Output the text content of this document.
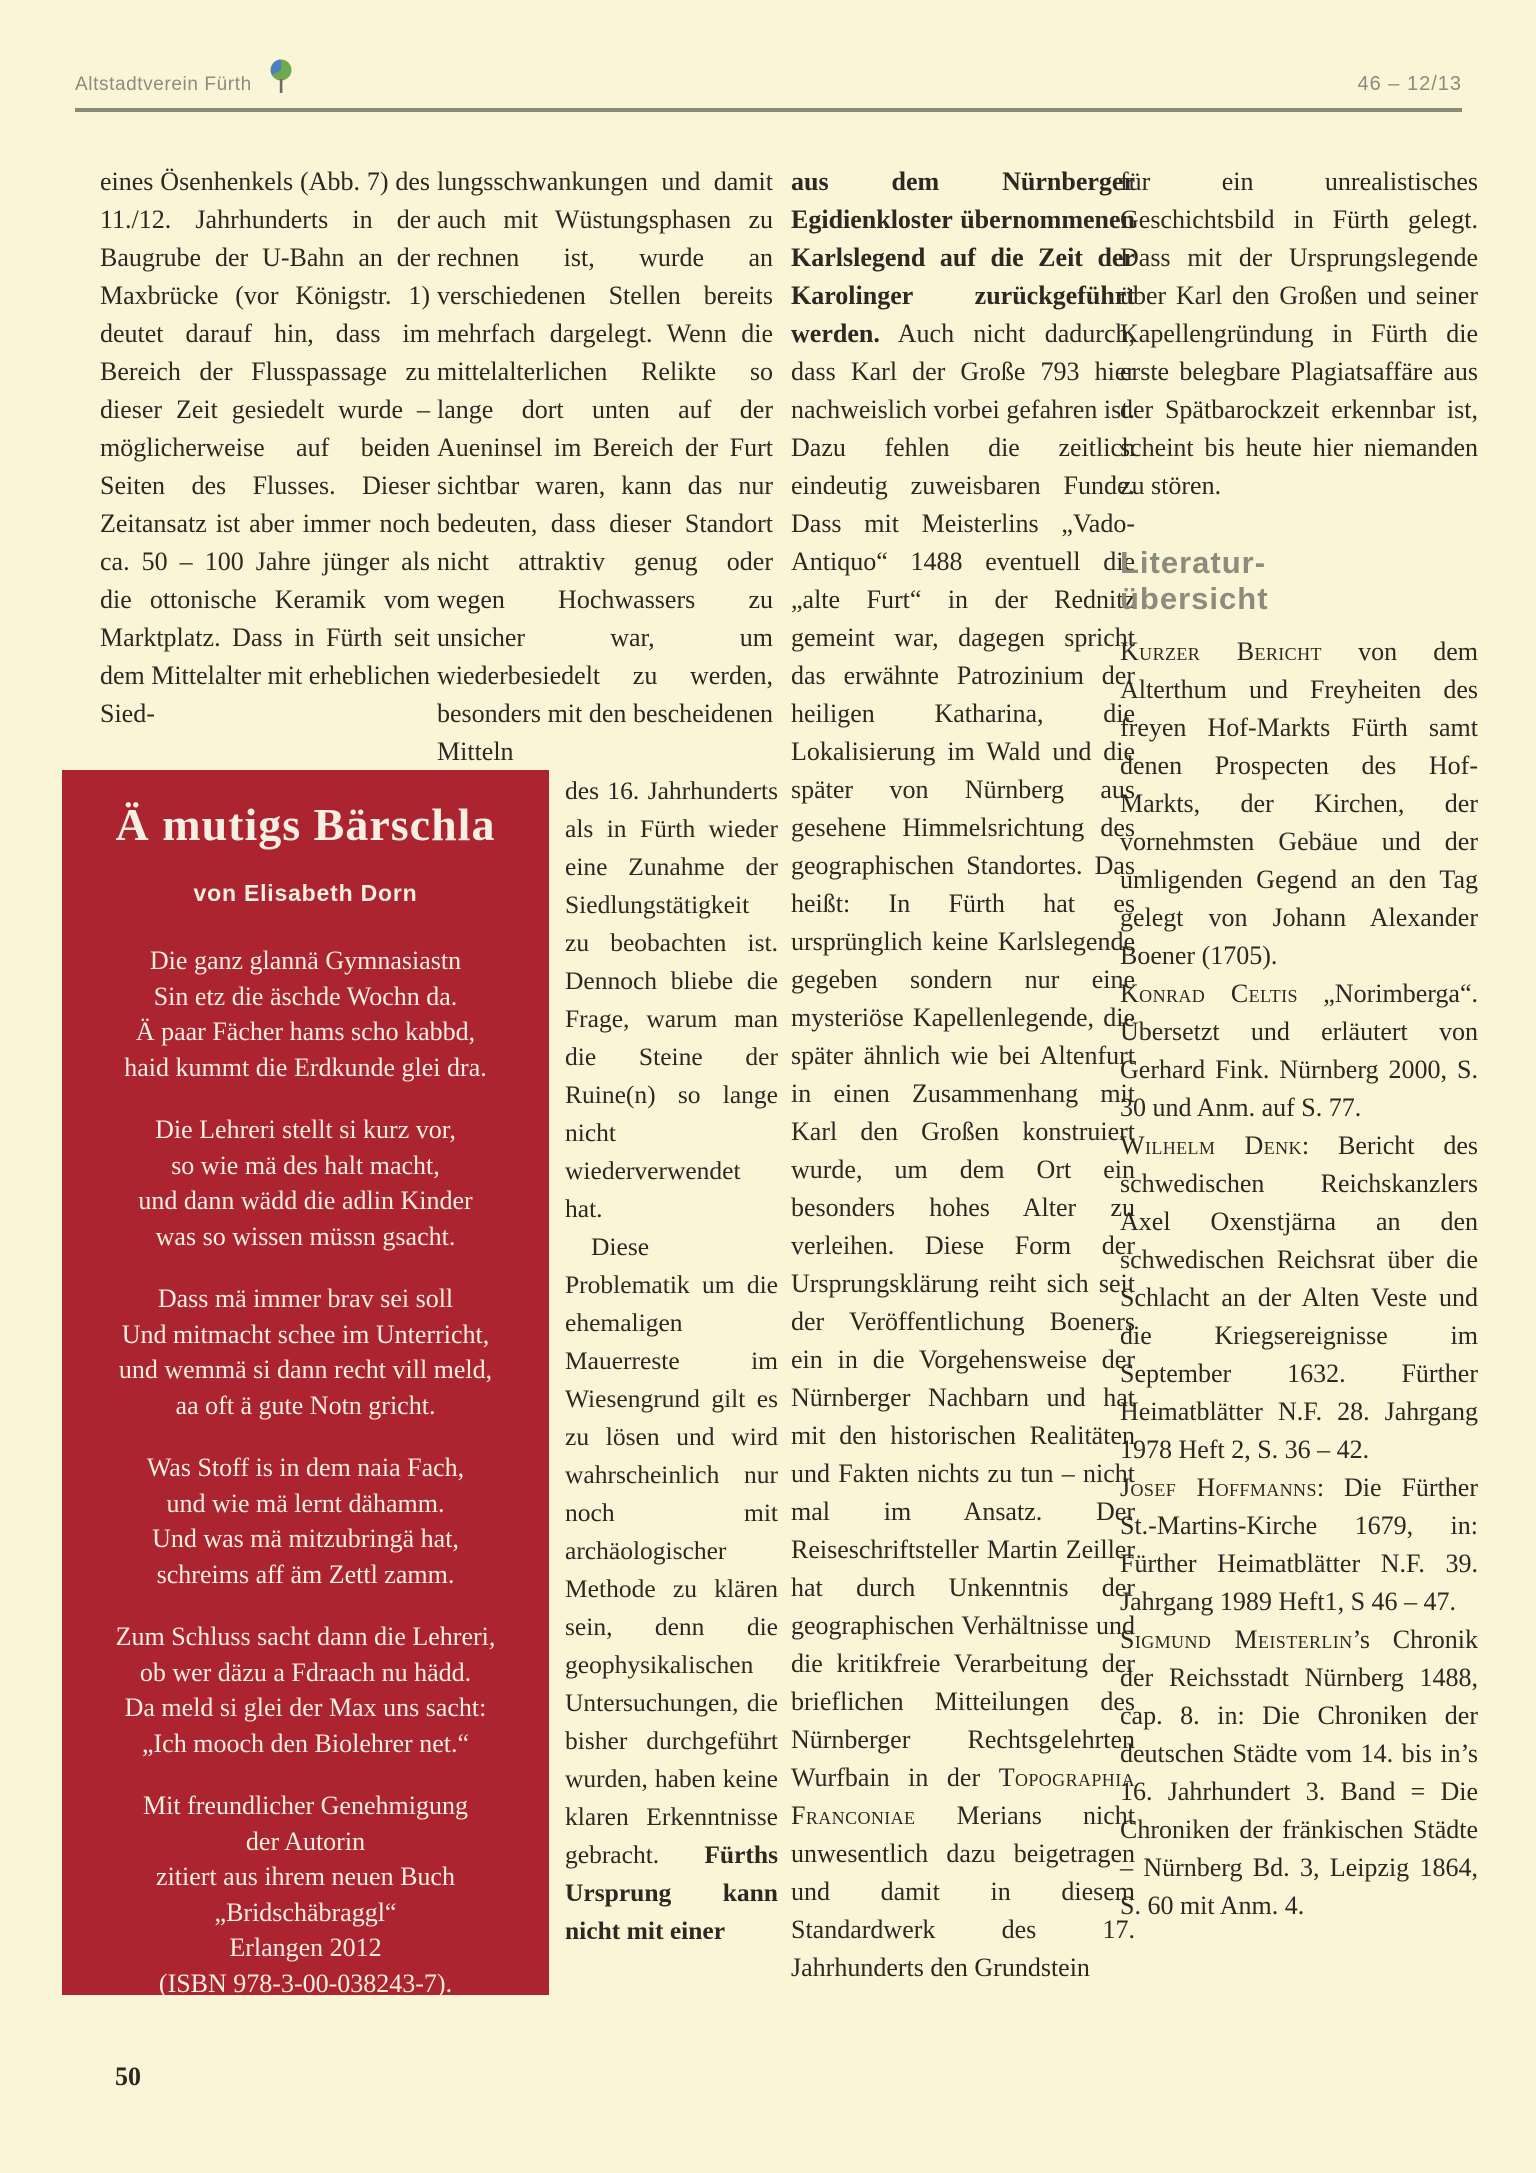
Altstadtverein Fürth	46 – 12/13

eines Ösenhenkels (Abb. 7) des 11./12. Jahrhunderts in der Baugrube der U-Bahn an der Maxbrücke (vor Königstr. 1) deutet darauf hin, dass im Bereich der Flusspassage zu dieser Zeit gesiedelt wurde – möglicherweise auf beiden Seiten des Flusses. Dieser Zeitansatz ist aber immer noch ca. 50 – 100 Jahre jünger als die ottonische Keramik vom Marktplatz. Dass in Fürth seit dem Mittelalter mit erheblichen Sied-

lungsschwankungen und damit auch mit Wüstungsphasen zu rechnen ist, wurde an verschiedenen Stellen bereits mehrfach dargelegt. Wenn die mittelalterlichen Relikte so lange dort unten auf der Aueninsel im Bereich der Furt sichtbar waren, kann das nur bedeuten, dass dieser Standort nicht attraktiv genug oder wegen Hochwassers zu unsicher war, um wiederbesiedelt zu werden, besonders mit den bescheidenen Mitteln

des 16. Jahrhunderts als in Fürth wieder eine Zunahme der Siedlungstätigkeit zu beobachten ist. Dennoch bliebe die Frage, warum man die Steine der Ruine(n) so lange nicht wiederverwendet hat.

Diese Problematik um die ehemaligen Mauerreste im Wiesengrund gilt es zu lösen und wird wahrscheinlich nur noch mit archäologischer Methode zu klären sein, denn die geophysikalischen Untersuchungen, die bisher durchgeführt wurden, haben keine klaren Erkenntnisse gebracht. Fürths Ursprung kann nicht mit einer

aus dem Nürnberger Egidienkloster übernommenen Karlslegend auf die Zeit der Karolinger zurückgeführt werden. Auch nicht dadurch, dass Karl der Große 793 hier nachweislich vorbei gefahren ist. Dazu fehlen die zeitlich eindeutig zuweisbaren Funde. Dass mit Meisterlins „Vado-Antiquo“ 1488 eventuell die „alte Furt“ in der Rednitz gemeint war, dagegen spricht das erwähnte Patrozinium der heiligen Katharina, die Lokalisierung im Wald und die später von Nürnberg aus gesehene Himmelsrichtung des geographischen Standortes. Das heißt: In Fürth hat es ursprünglich keine Karlslegende gegeben sondern nur eine mysteriöse Kapellenlegende, die später ähnlich wie bei Altenfurt in einen Zusammenhang mit Karl den Großen konstruiert wurde, um dem Ort ein besonders hohes Alter zu verleihen. Diese Form der Ursprungsklärung reiht sich seit der Veröffentlichung Boeners ein in die Vorgehensweise der Nürnberger Nachbarn und hat mit den historischen Realitäten und Fakten nichts zu tun – nicht mal im Ansatz. Der Reiseschriftsteller Martin Zeiller hat durch Unkenntnis der geographischen Verhältnisse und die kritikfreie Verarbeitung der brieflichen Mitteilungen des Nürnberger Rechtsgelehrten Wurfbain in der Topographia Franconiae Merians nicht unwesentlich dazu beigetragen und damit in diesem Standardwerk des 17. Jahrhunderts den Grundstein

für ein unrealistisches Geschichtsbild in Fürth gelegt. Dass mit der Ursprungslegende über Karl den Großen und seiner Kapellengründung in Fürth die erste belegbare Plagiatsaffäre aus der Spätbarockzeit erkennbar ist, scheint bis heute hier niemanden zu stören.

Literatur-
übersicht

Kurzer Bericht von dem Alterthum und Freyheiten des freyen Hof-Markts Fürth samt denen Prospecten des Hof-Markts, der Kirchen, der vornehmsten Gebäue und der umligenden Gegend an den Tag gelegt von Johann Alexander Boener (1705).

Konrad Celtis „Norimberga“. Übersetzt und erläutert von Gerhard Fink. Nürnberg 2000, S. 30 und Anm. auf S. 77.

Wilhelm Denk: Bericht des schwedischen Reichskanzlers Axel Oxenstjärna an den schwedischen Reichsrat über die Schlacht an der Alten Veste und die Kriegsereignisse im September 1632. Fürther Heimatblätter N.F. 28. Jahrgang 1978 Heft 2, S. 36 – 42.

Josef Hoffmanns: Die Fürther St.-Martins-Kirche 1679, in: Fürther Heimatblätter N.F. 39. Jahrgang 1989 Heft1, S 46 – 47.

Sigmund Meisterlin’s Chronik der Reichsstadt Nürnberg 1488, cap. 8. in: Die Chroniken der deutschen Städte vom 14. bis in’s 16. Jahrhundert 3. Band = Die Chroniken der fränkischen Städte – Nürnberg Bd. 3, Leipzig 1864, S. 60 mit Anm. 4.

Ä mutigs Bärschla
von Elisabeth Dorn
Die ganz glannä Gymnasiastn
Sin etz die äschde Wochn da.
Ä paar Fächer hams scho kabbd,
haid kummt die Erdkunde glei dra.
Die Lehreri stellt si kurz vor,
so wie mä des halt macht,
und dann wädd die adlin Kinder
was so wissen müssn gsacht.
Dass mä immer brav sei soll
Und mitmacht schee im Unterricht,
und wemmä si dann recht vill meld,
aa oft ä gute Notn gricht.
Was Stoff is in dem naia Fach,
und wie mä lernt dähamm.
Und was mä mitzubringä hat,
schreims aff äm Zettl zamm.
Zum Schluss sacht dann die Lehreri,
ob wer däzu a Fdraach nu hädd.
Da meld si glei der Max uns sacht:
„Ich mooch den Biolehrer net.“
Mit freundlicher Genehmigung
der Autorin
zitiert aus ihrem neuen Buch
„Bridschäbraggl“
Erlangen 2012
(ISBN 978-3-00-038243-7).
50
